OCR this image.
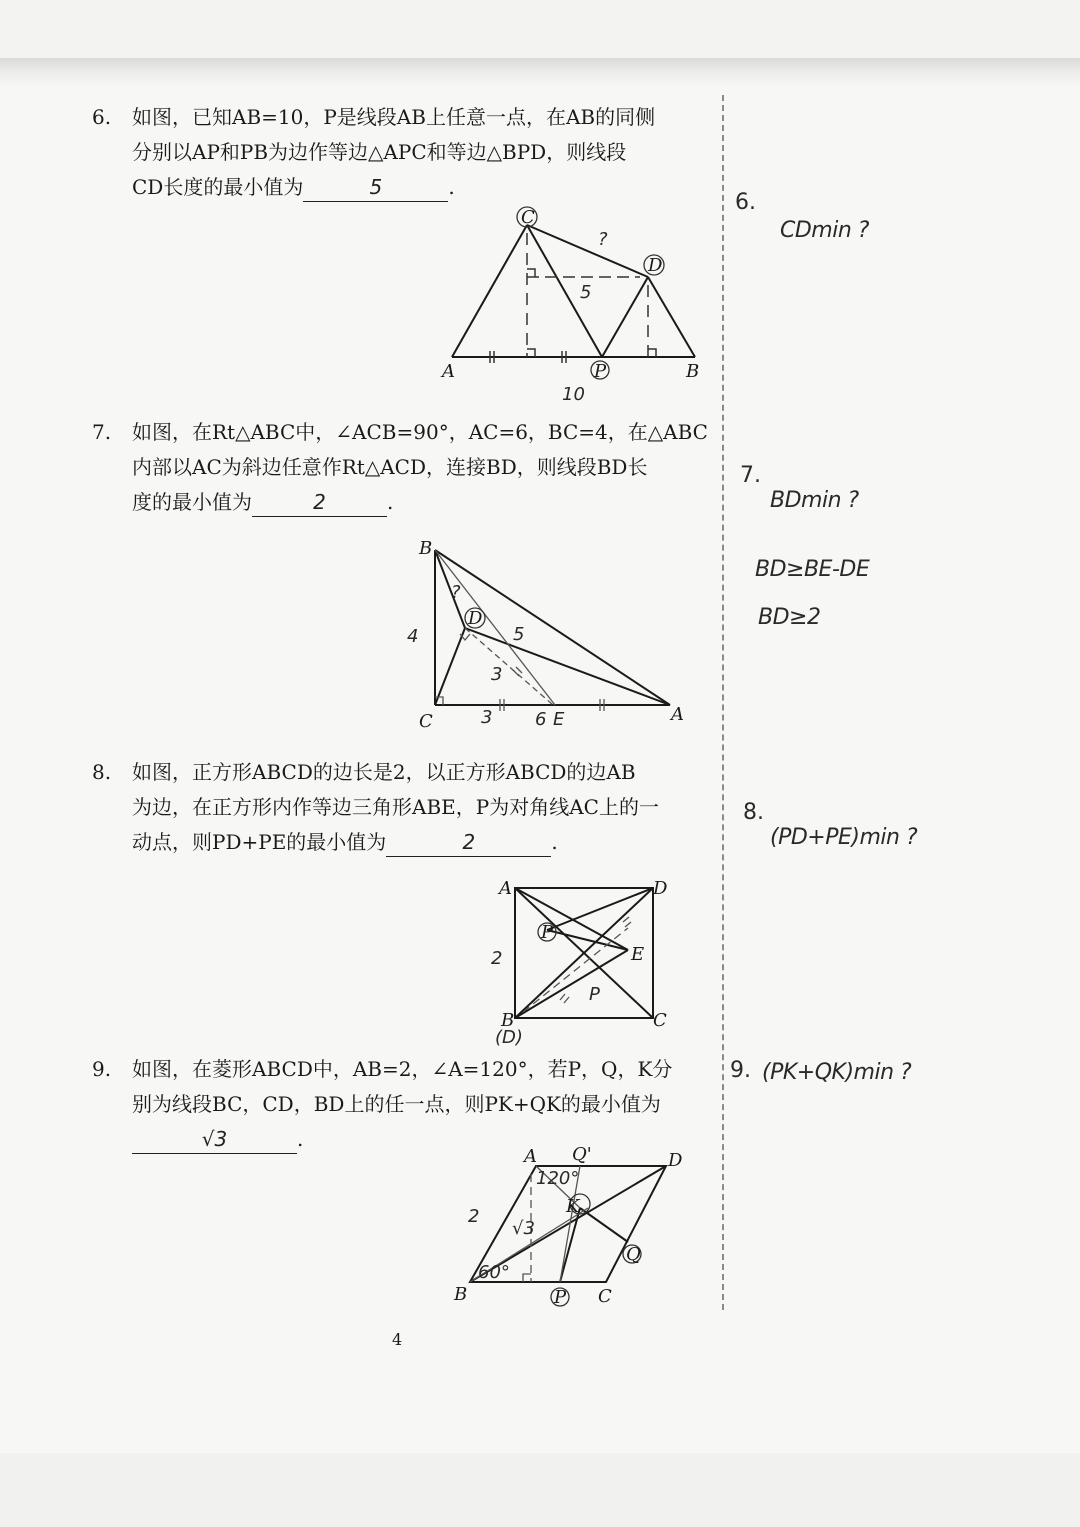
6. 如图，已知AB=10，P是线段AB上任意一点，在AB的同侧
分别以AP和PB为边作等边△APC和等边△BPD，则线段
CD长度的最小值为	5	.
C
D
A	B
P
?
5
10
7. 如图，在Rt△ABC中，∠ACB=90°，AC=6，BC=4，在△ABC
内部以AC为斜边任意作Rt△ACD，连接BD，则线段BD长
度的最小值为	2	.
B
C	A
D
E
4	5
3
3 6
?
8. 如图，正方形ABCD的边长是2，以正方形ABCD的边AB
为边，在正方形内作等边三角形ABE，P为对角线AC上的一
动点，则PD+PE的最小值为	2	.
A	D
B	C
E
P
2
P
(D)
9. 如图，在菱形ABCD中，AB=2，∠A=120°，若P，Q，K分
别为线段BC，CD，BD上的任一点，则PK+QK的最小值为
√3	.
A	D
B	C
P
Q
Q'
K
2
120°
√3
60°
6.
CDmin ?
7.
BDmin ?
BD≥BE-DE
BD≥2
8.
(PD+PE)min ?
9. (PK+QK)min ?
4
